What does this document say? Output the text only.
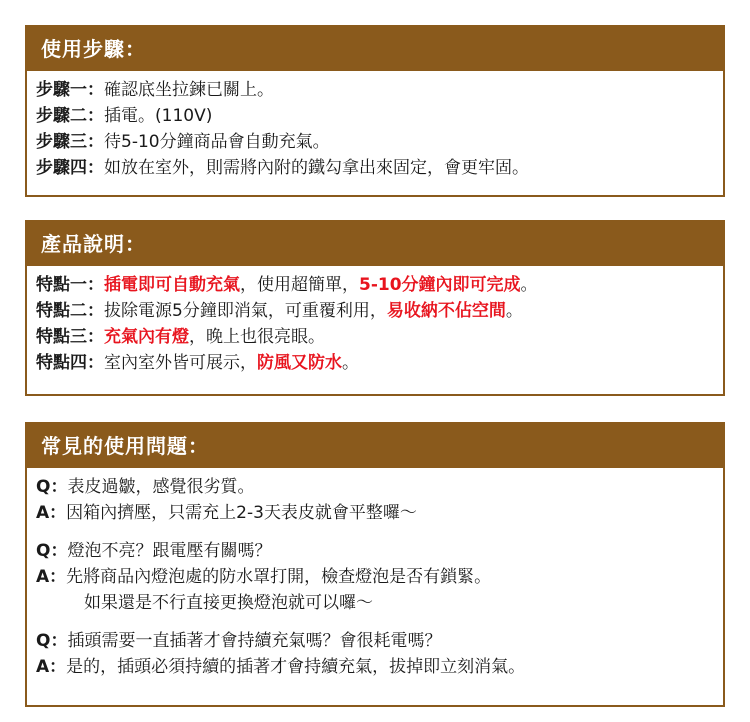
使用步驟：
步驟一：確認底坐拉鍊已關上。
步驟二：插電。(110V)
步驟三：待5-10分鐘商品會自動充氣。
步驟四：如放在室外，則需將內附的鐵勾拿出來固定，會更牢固。
產品說明：
特點一：插電即可自動充氣，使用超簡單，5-10分鐘內即可完成。
特點二：拔除電源5分鐘即消氣，可重覆利用，易收納不佔空間。
特點三：充氣內有燈，晚上也很亮眼。
特點四：室內室外皆可展示，防風又防水。
常見的使用問題：
Q：表皮過皺，感覺很劣質。
A：因箱內擠壓，只需充上2-3天表皮就會平整囉～
Q：燈泡不亮？跟電壓有關嗎？
A：先將商品內燈泡處的防水罩打開，檢查燈泡是否有鎖緊。
如果還是不行直接更換燈泡就可以囉～
Q：插頭需要一直插著才會持續充氣嗎？會很耗電嗎？
A：是的，插頭必須持續的插著才會持續充氣，拔掉即立刻消氣。
